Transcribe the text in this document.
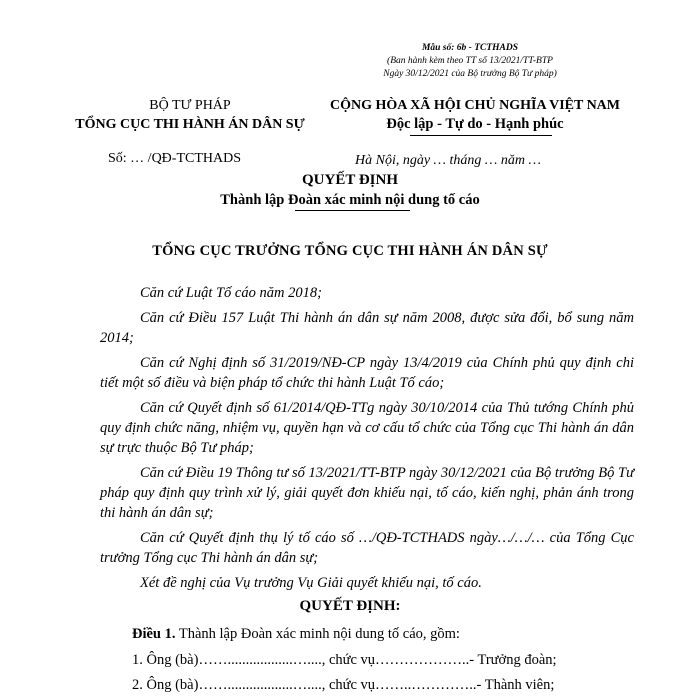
Mẫu số: 6b - TCTHADS
(Ban hành kèm theo TT số 13/2021/TT-BTP
Ngày 30/12/2021 của Bộ trưởng Bộ Tư pháp)
BỘ TƯ PHÁP
TỔNG CỤC THI HÀNH ÁN DÂN SỰ
CỘNG HÒA XÃ HỘI CHỦ NGHĨA VIỆT NAM
Độc lập - Tự do - Hạnh phúc
Số: … /QĐ-TCTHADS	Hà Nội, ngày … tháng … năm …
QUYẾT ĐỊNH
Thành lập Đoàn xác minh nội dung tố cáo
TỔNG CỤC TRƯỞNG TỔNG CỤC THI HÀNH ÁN DÂN SỰ

Căn cứ Luật Tố cáo năm 2018;

Căn cứ Điều 157 Luật Thi hành án dân sự năm 2008, được sửa đổi, bổ sung năm 2014;

Căn cứ Nghị định số 31/2019/NĐ-CP ngày 13/4/2019 của Chính phủ quy định chi tiết một số điều và biện pháp tổ chức thi hành Luật Tố cáo;

Căn cứ Quyết định số 61/2014/QĐ-TTg ngày 30/10/2014 của Thủ tướng Chính phủ quy định chức năng, nhiệm vụ, quyền hạn và cơ cấu tổ chức của Tổng cục Thi hành án dân sự trực thuộc Bộ Tư pháp;

Căn cứ Điều 19 Thông tư số 13/2021/TT-BTP ngày 30/12/2021 của Bộ trưởng Bộ Tư pháp quy định quy trình xử lý, giải quyết đơn khiếu nại, tố cáo, kiến nghị, phản ánh trong thi hành án dân sự;

Căn cứ Quyết định thụ lý tố cáo số …/QĐ-TCTHADS ngày…/…/… của Tổng Cục trưởng Tổng cục Thi hành án dân sự;

Xét đề nghị của Vụ trưởng Vụ Giải quyết khiếu nại, tố cáo.

QUYẾT ĐỊNH:
Điều 1. Thành lập Đoàn xác minh nội dung tố cáo, gồm:
1. Ông (bà)……..................…...., chức vụ………………..- Trưởng đoàn;
2. Ông (bà)……..................…...., chức vụ……..…………..- Thành viên;
